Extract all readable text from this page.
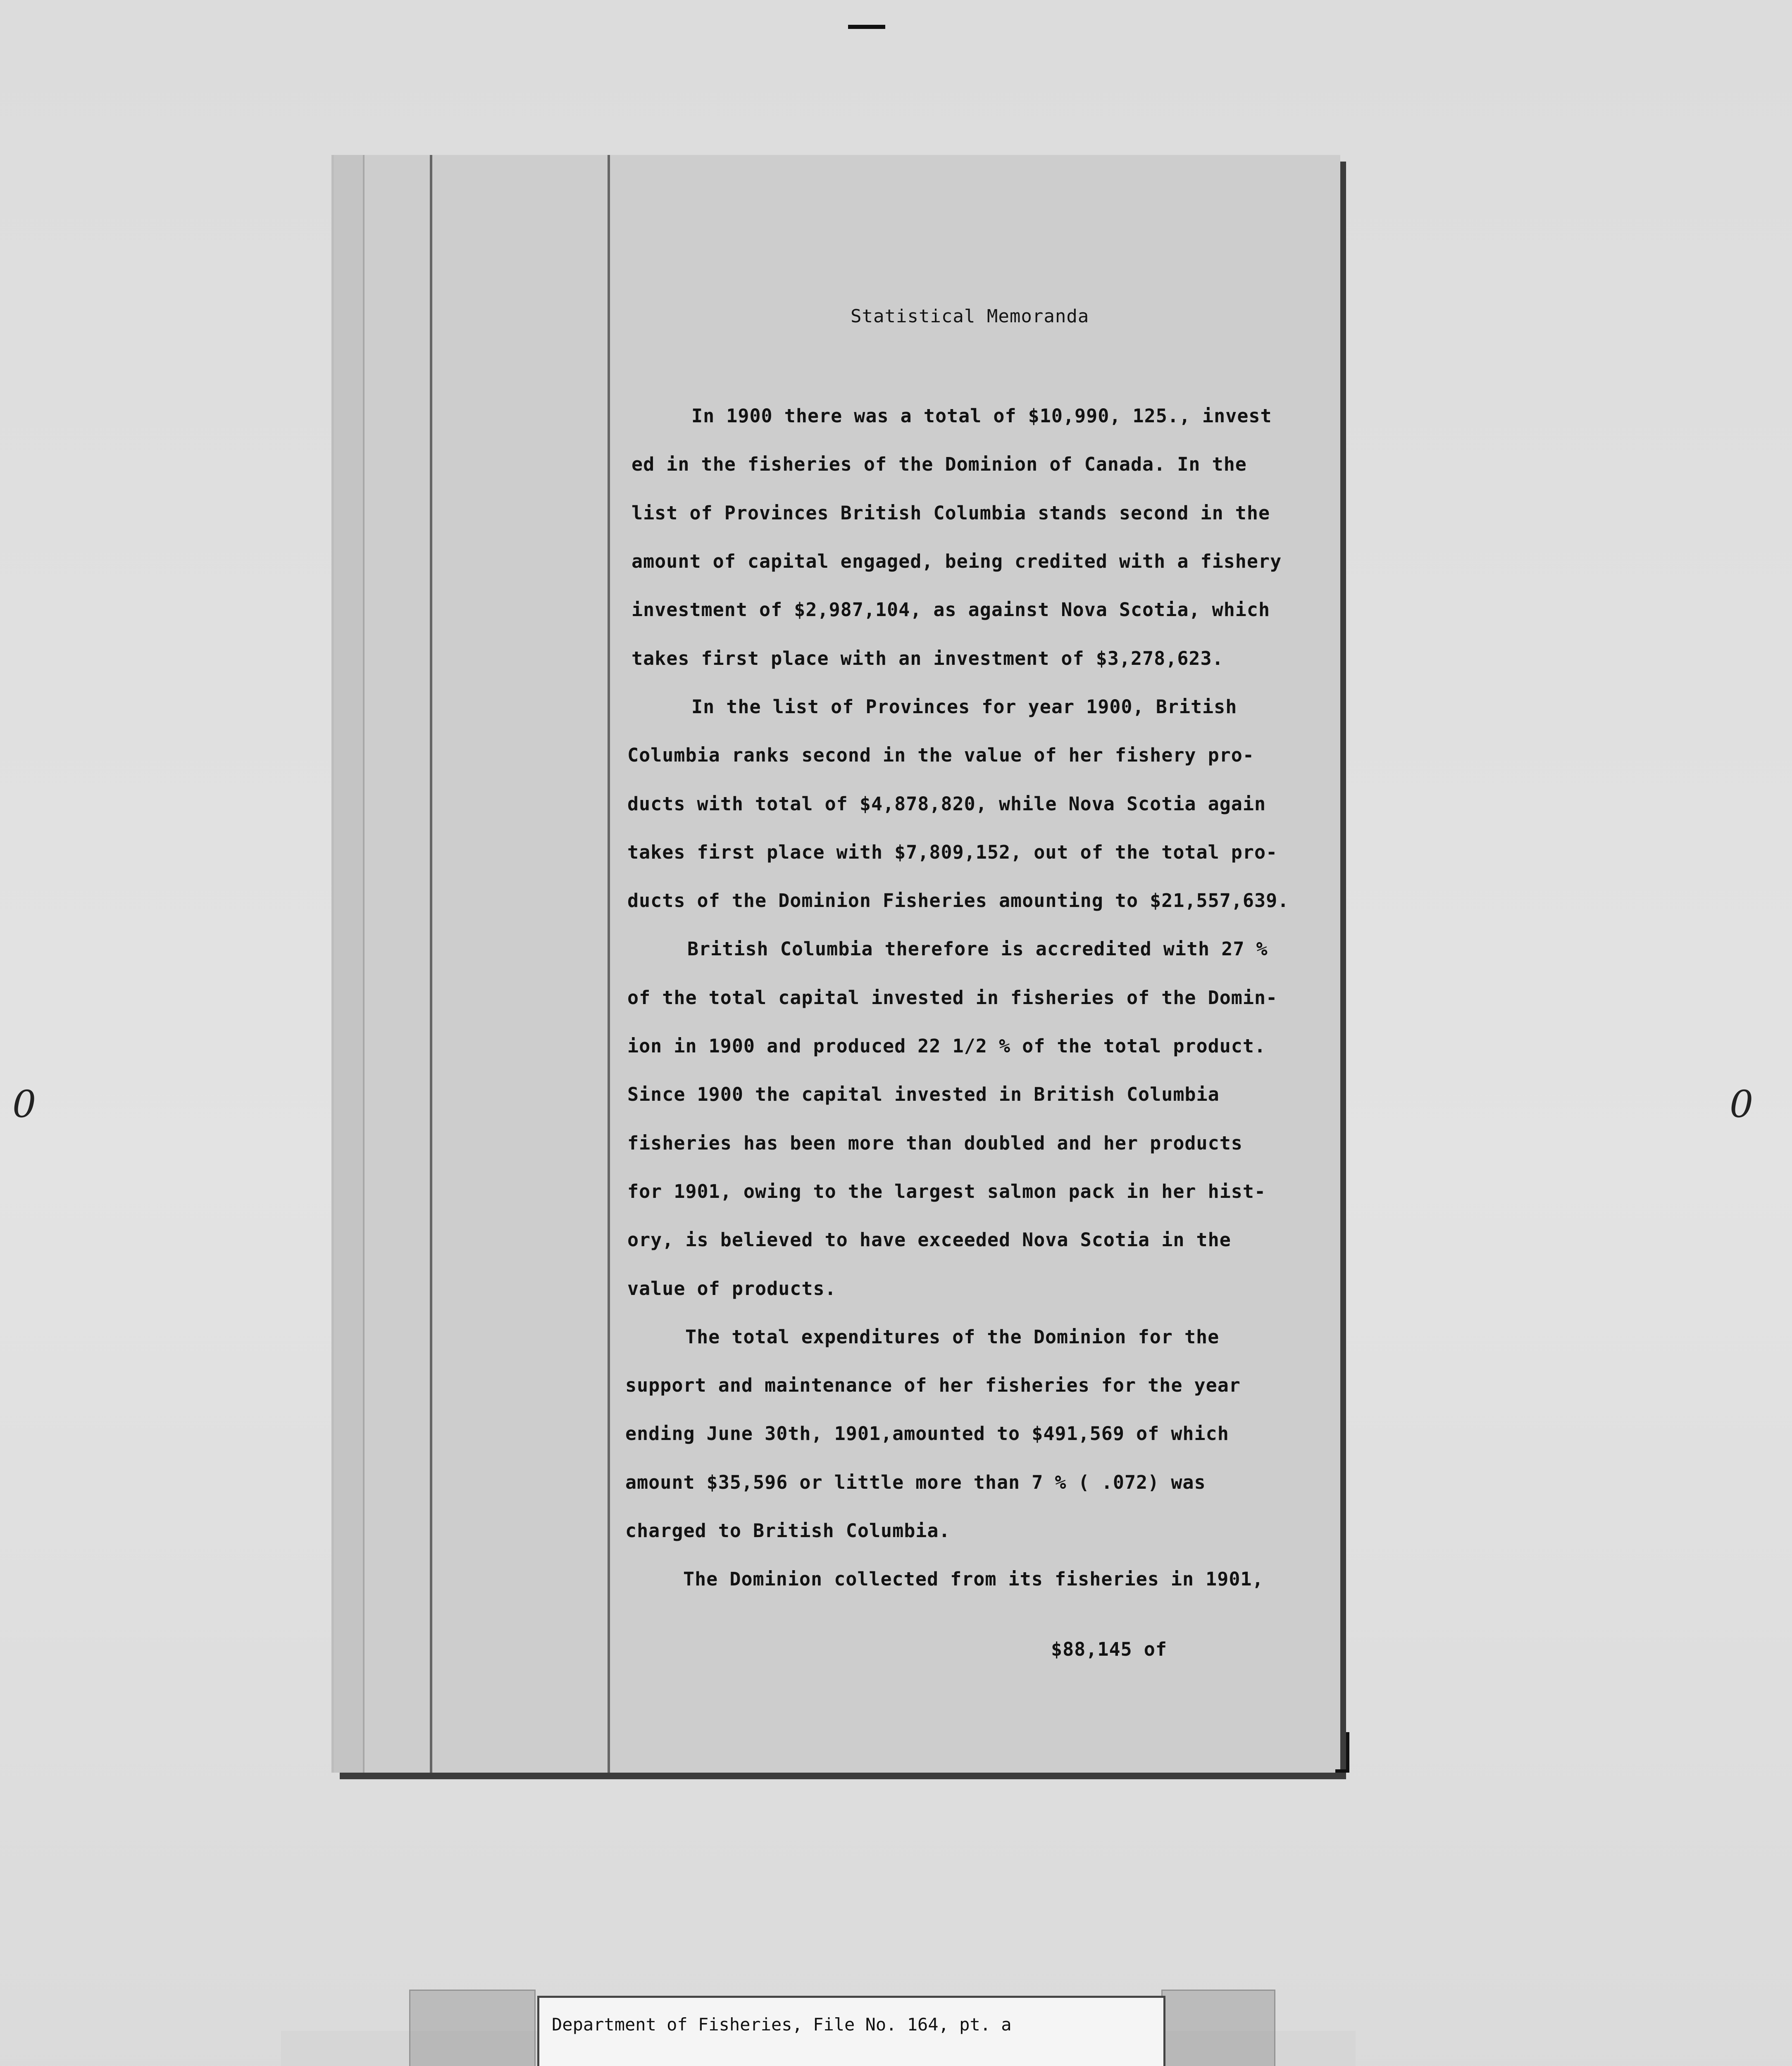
0	0
Statistical Memoranda
In 1900 there was a total of $10,990, 125., invest
ed in the fisheries of the Dominion of Canada. In the
list of Provinces British Columbia stands second in the
amount of capital engaged, being credited with a fishery
investment of $2,987,104, as against Nova Scotia, which
takes first place with an investment of $3,278,623.
In the list of Provinces for year 1900, British
Columbia ranks second in the value of her fishery pro-
ducts with total of $4,878,820, while Nova Scotia again
takes first place with $7,809,152, out of the total pro-
ducts of the Dominion Fisheries amounting to $21,557,639.
British Columbia therefore is accredited with 27 %
of the total capital invested in fisheries of the Domin-
ion in 1900 and produced 22 1/2 % of the total product.
Since 1900 the capital invested in British Columbia
fisheries has been more than doubled and her products
for 1901, owing to the largest salmon pack in her hist-
ory, is believed to have exceeded Nova Scotia in the
value of products.
The total expenditures of the Dominion for the
support and maintenance of her fisheries for the year
ending June 30th, 1901,amounted to $491,569 of which
amount $35,596 or little more than 7 % ( .072) was
charged to British Columbia.
The Dominion collected from its fisheries in 1901,
$88,145 of
Department of Fisheries, File No. 164, pt. a
